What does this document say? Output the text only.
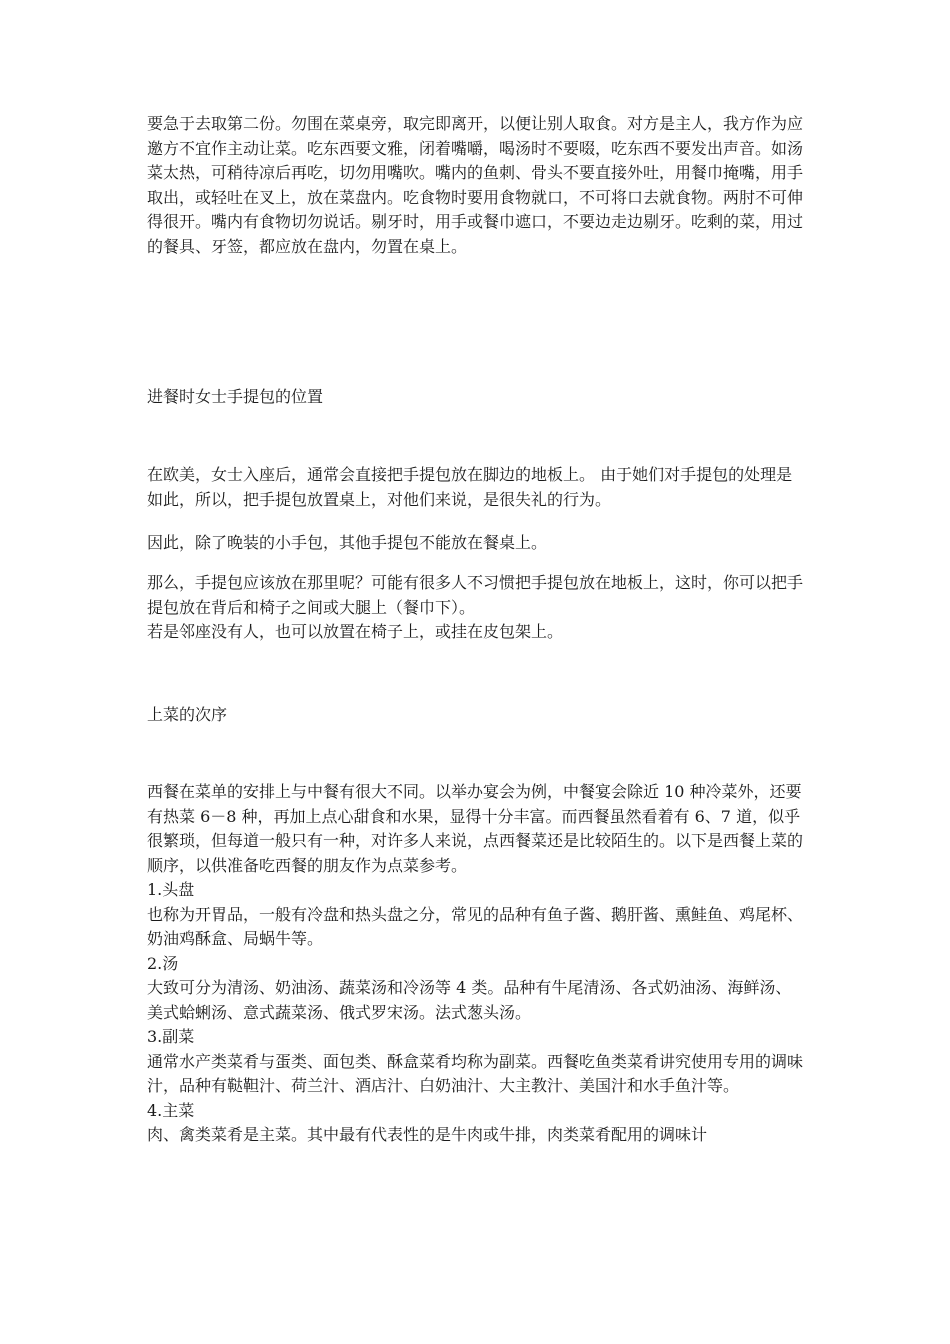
要急于去取第二份。勿围在菜桌旁，取完即离开，以便让别人取食。对方是主人，我方作为应邀方不宜作主动让菜。吃东西要文雅，闭着嘴嚼，喝汤时不要啜，吃东西不要发出声音。如汤菜太热，可稍待凉后再吃，切勿用嘴吹。嘴内的鱼刺、骨头不要直接外吐，用餐巾掩嘴，用手取出，或轻吐在叉上，放在菜盘内。吃食物时要用食物就口，不可将口去就食物。两肘不可伸得很开。嘴内有食物切勿说话。剔牙时，用手或餐巾遮口，不要边走边剔牙。吃剩的菜，用过的餐具、牙签，都应放在盘内，勿置在桌上。

进餐时女士手提包的位置

在欧美，女士入座后，通常会直接把手提包放在脚边的地板上。 由于她们对手提包的处理是如此，所以，把手提包放置桌上，对他们来说，是很失礼的行为。

因此，除了晚装的小手包，其他手提包不能放在餐桌上。

那么，手提包应该放在那里呢？可能有很多人不习惯把手提包放在地板上，这时，你可以把手提包放在背后和椅子之间或大腿上（餐巾下）。

若是邻座没有人，也可以放置在椅子上，或挂在皮包架上。

上菜的次序

西餐在菜单的安排上与中餐有很大不同。以举办宴会为例，中餐宴会除近 10 种冷菜外，还要有热菜 6－8 种，再加上点心甜食和水果，显得十分丰富。而西餐虽然看着有 6、7 道，似乎很繁琐，但每道一般只有一种，对许多人来说，点西餐菜还是比较陌生的。以下是西餐上菜的顺序，以供准备吃西餐的朋友作为点菜参考。
1.头盘
也称为开胃品，一般有冷盘和热头盘之分，常见的品种有鱼子酱、鹅肝酱、熏鲑鱼、鸡尾杯、奶油鸡酥盒、局蜗牛等。
2.汤
大致可分为清汤、奶油汤、蔬菜汤和冷汤等 4 类。品种有牛尾清汤、各式奶油汤、海鲜汤、美式蛤蜊汤、意式蔬菜汤、俄式罗宋汤。法式葱头汤。
3.副菜
通常水产类菜肴与蛋类、面包类、酥盒菜肴均称为副菜。西餐吃鱼类菜肴讲究使用专用的调味汁，品种有鞑靼汁、荷兰汁、酒店汁、白奶油汁、大主教汁、美国汁和水手鱼汁等。
4.主菜
肉、禽类菜肴是主菜。其中最有代表性的是牛肉或牛排，肉类菜肴配用的调味计
